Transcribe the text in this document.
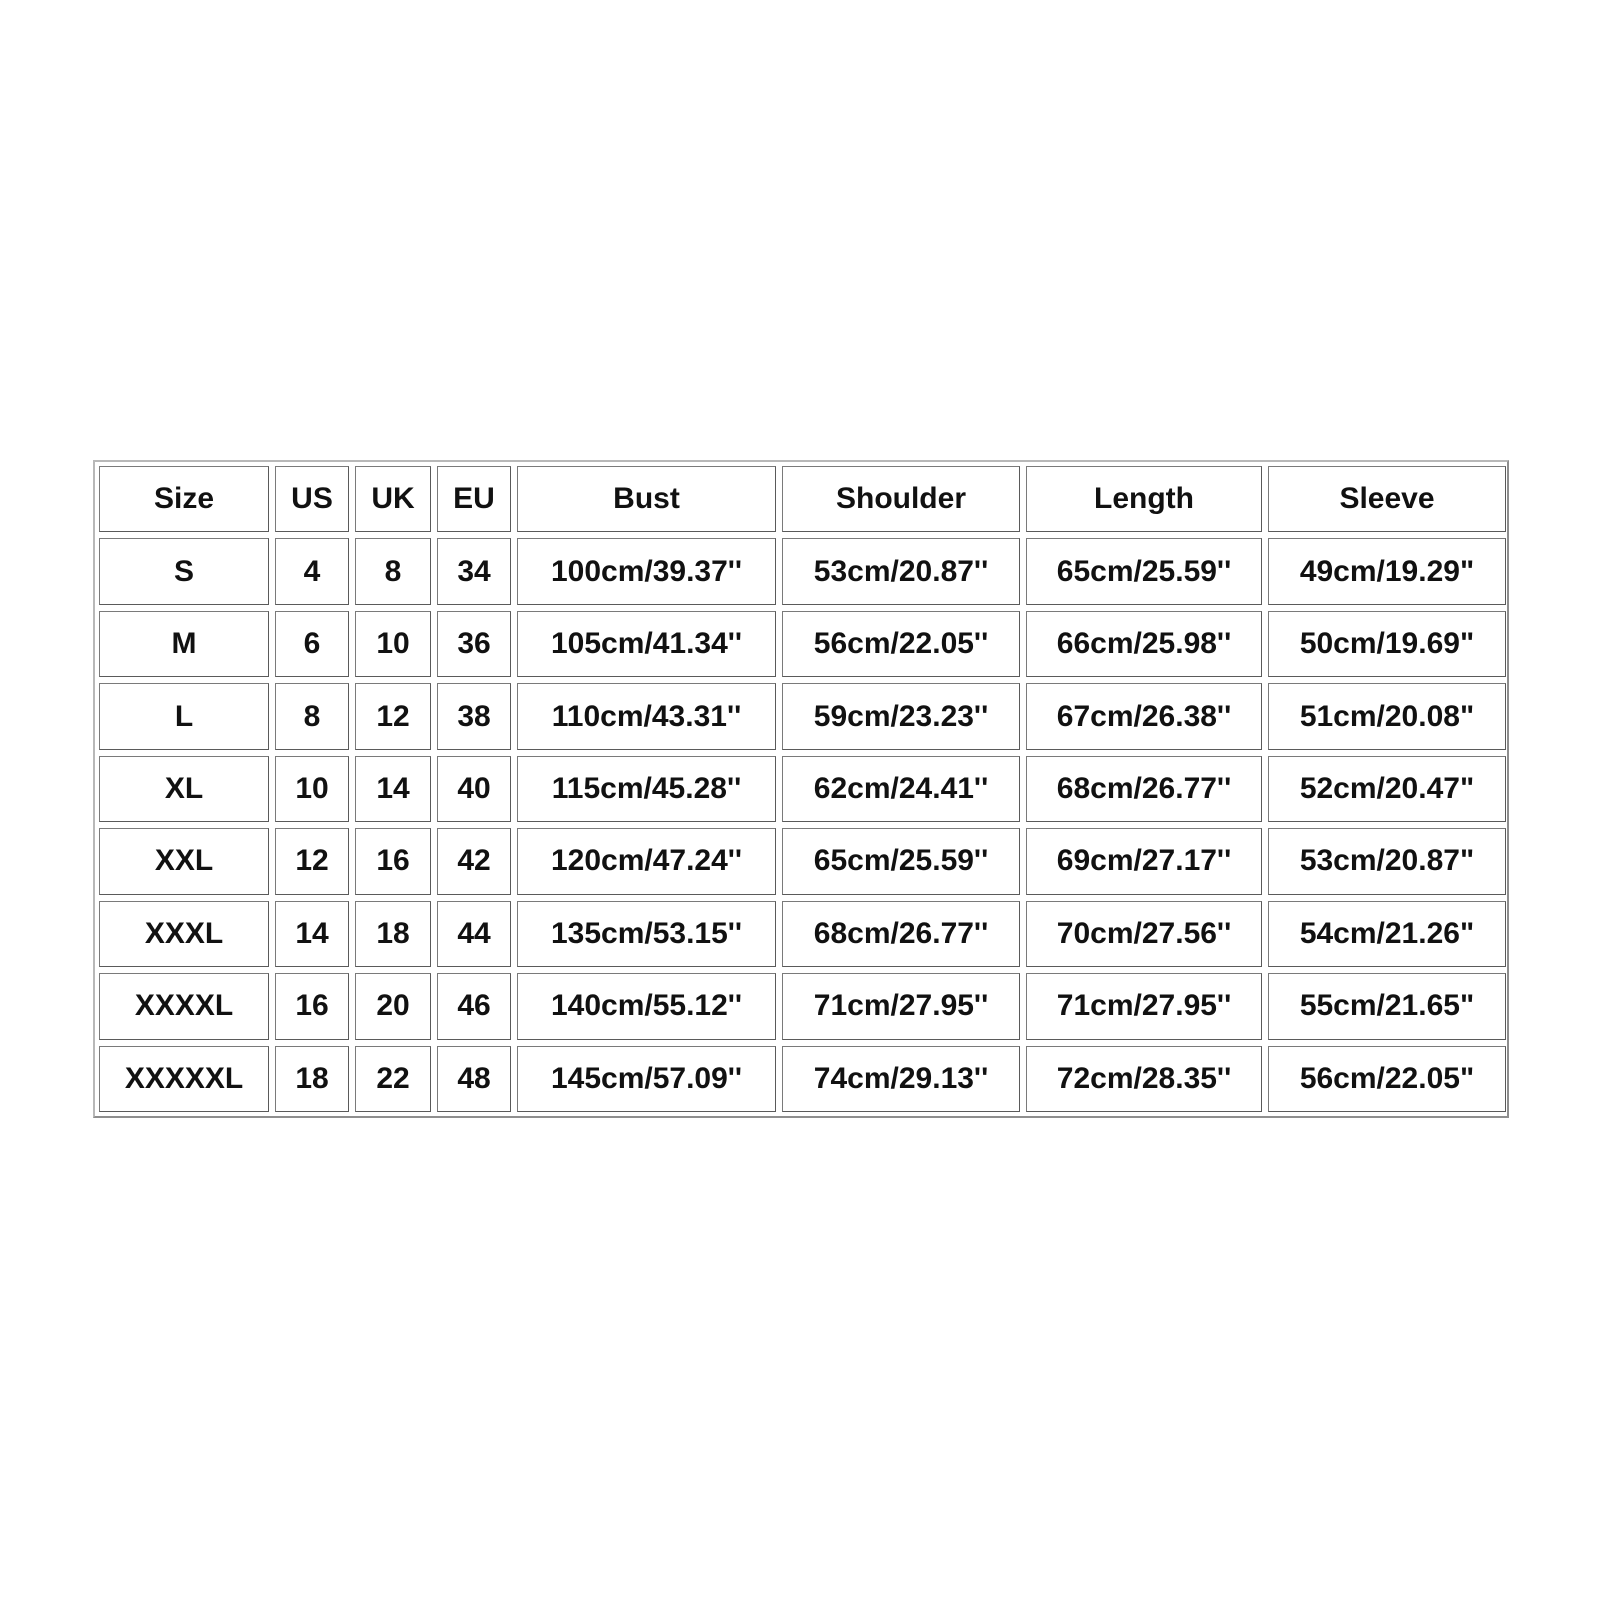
Size	US	UK	EU	Bust	Shoulder	Length	Sleeve
S	4	8	34	100cm/39.37''	53cm/20.87''	65cm/25.59''	49cm/19.29"
M	6	10	36	105cm/41.34''	56cm/22.05''	66cm/25.98''	50cm/19.69"
L	8	12	38	110cm/43.31''	59cm/23.23''	67cm/26.38''	51cm/20.08"
XL	10	14	40	115cm/45.28''	62cm/24.41''	68cm/26.77''	52cm/20.47"
XXL	12	16	42	120cm/47.24''	65cm/25.59''	69cm/27.17''	53cm/20.87"
XXXL	14	18	44	135cm/53.15''	68cm/26.77''	70cm/27.56''	54cm/21.26"
XXXXL	16	20	46	140cm/55.12''	71cm/27.95''	71cm/27.95''	55cm/21.65"
XXXXXL	18	22	48	145cm/57.09''	74cm/29.13''	72cm/28.35''	56cm/22.05"
